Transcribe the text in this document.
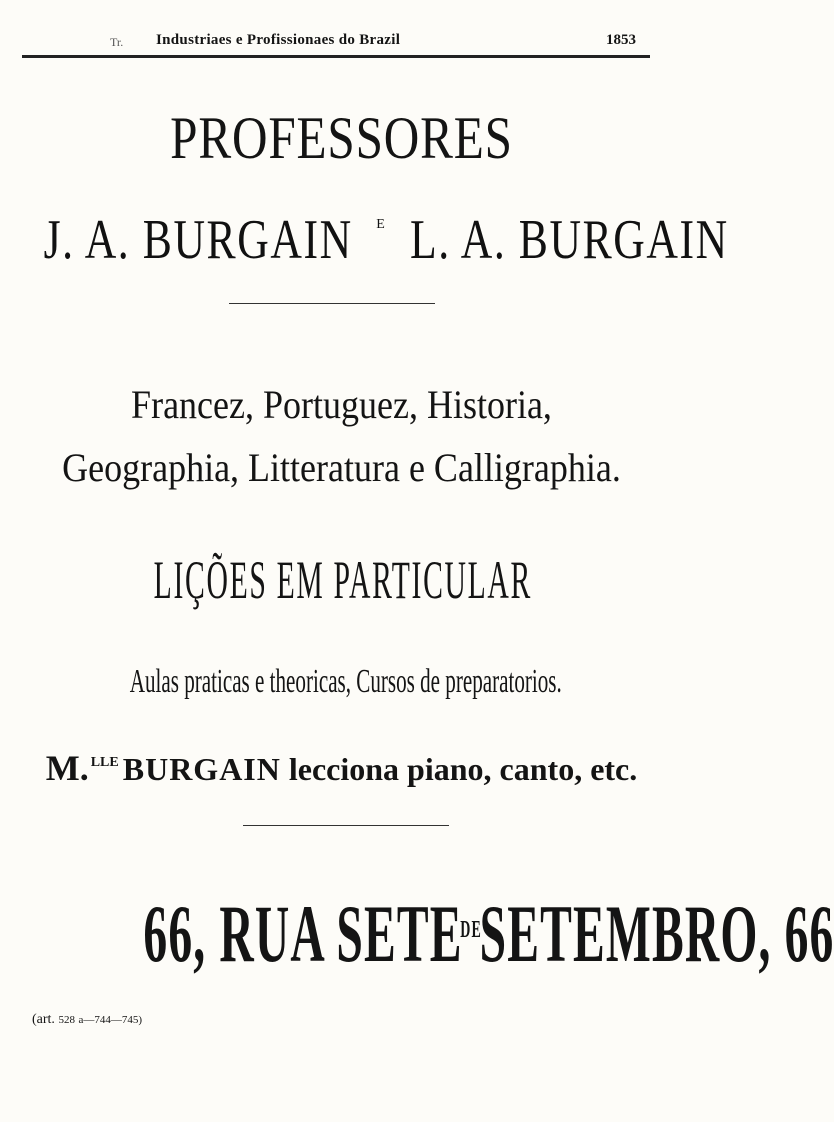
Tr. Industriaes e Profissionaes do Brazil	1853
PROFESSORES
J. A. BURGAIN E L. A. BURGAIN
Francez, Portuguez, Historia,
Geographia, Litteratura e Calligraphia.
LIÇÕES EM PARTICULAR
Aulas praticas e theoricas, Cursos de preparatorios.
M. $^{LLE}$ BURGAIN lecciona piano, canto, etc.
66, RUA $SETE^{DE}SETEMBRO$, 66
(art. 528 a—744—745)
